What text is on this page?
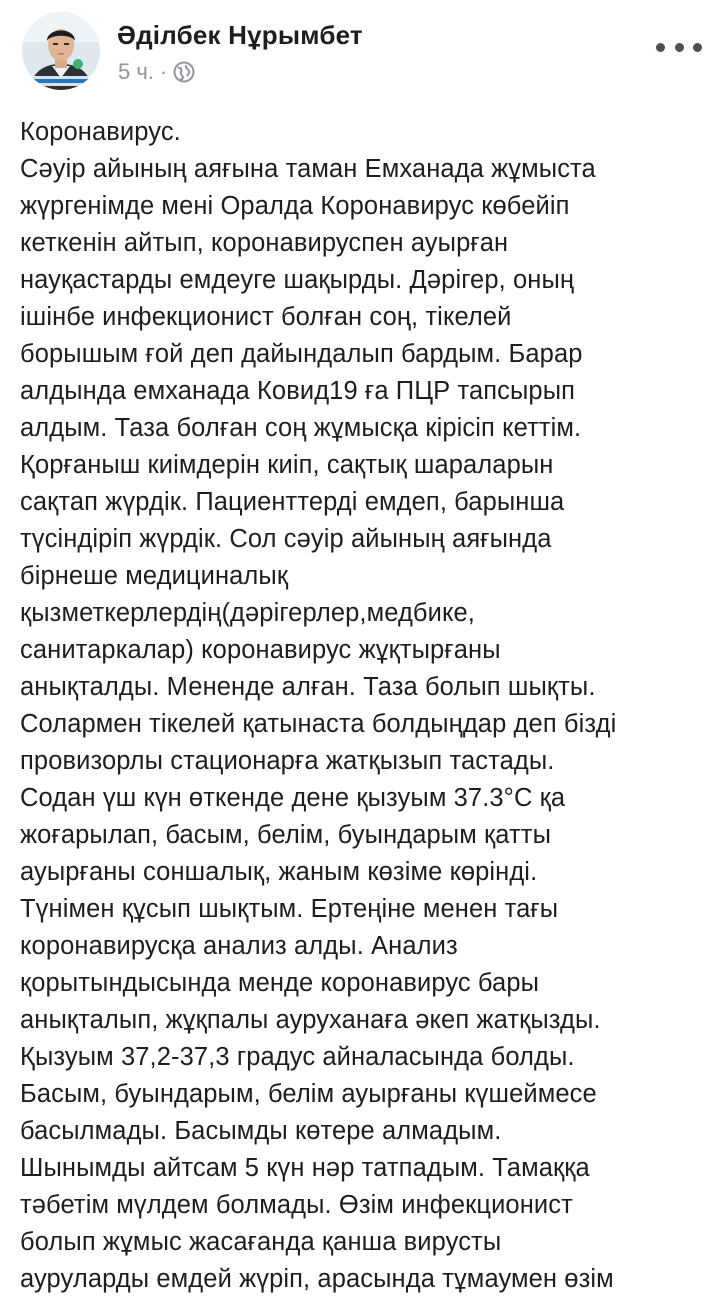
Әділбек Нұрымбет
5 ч. ·
Коронавирус.
Сәуір айының аяғына таман Емханада жұмыста
жүргенімде мені Оралда Коронавирус көбейіп
кеткенін айтып, коронавируспен ауырған
науқастарды емдеуге шақырды. Дәрігер, оның
ішінбе инфекционист болған соң, тікелей
борышым ғой деп дайындалып бардым. Барар
алдында емханада Ковид19 ға ПЦР тапсырып
алдым. Таза болған соң жұмысқа кірісіп кеттім.
Қорғаныш киімдерін киіп, сақтық шараларын
сақтап жүрдік. Пациенттерді емдеп, барынша
түсіндіріп жүрдік. Сол сәуір айының аяғында
бірнеше медициналық
қызметкерлердің(дәрігерлер,медбике,
санитаркалар) коронавирус жұқтырғаны
анықталды. Мененде алған. Таза болып шықты.
Солармен тікелей қатынаста болдыңдар деп бізді
провизорлы стационарға жатқызып тастады.
Содан үш күн өткенде дене қызуым 37.3°С қа
жоғарылап, басым, белім, буындарым қатты
ауырғаны соншалық, жаным көзіме көрінді.
Түнімен құсып шықтым. Ертеңіне менен тағы
коронавирусқа анализ алды. Анализ
қорытындысында менде коронавирус бары
анықталып, жұқпалы ауруханаға әкеп жатқызды.
Қызуым 37,2-37,3 градус айналасында болды.
Басым, буындарым, белім ауырғаны күшеймесе
басылмады. Басымды көтере алмадым.
Шынымды айтсам 5 күн нәр татпадым. Тамаққа
тәбетім мүлдем болмады. Өзім инфекционист
болып жұмыс жасағанда қанша вирусты
ауруларды емдей жүріп, арасында тұмаумен өзім
